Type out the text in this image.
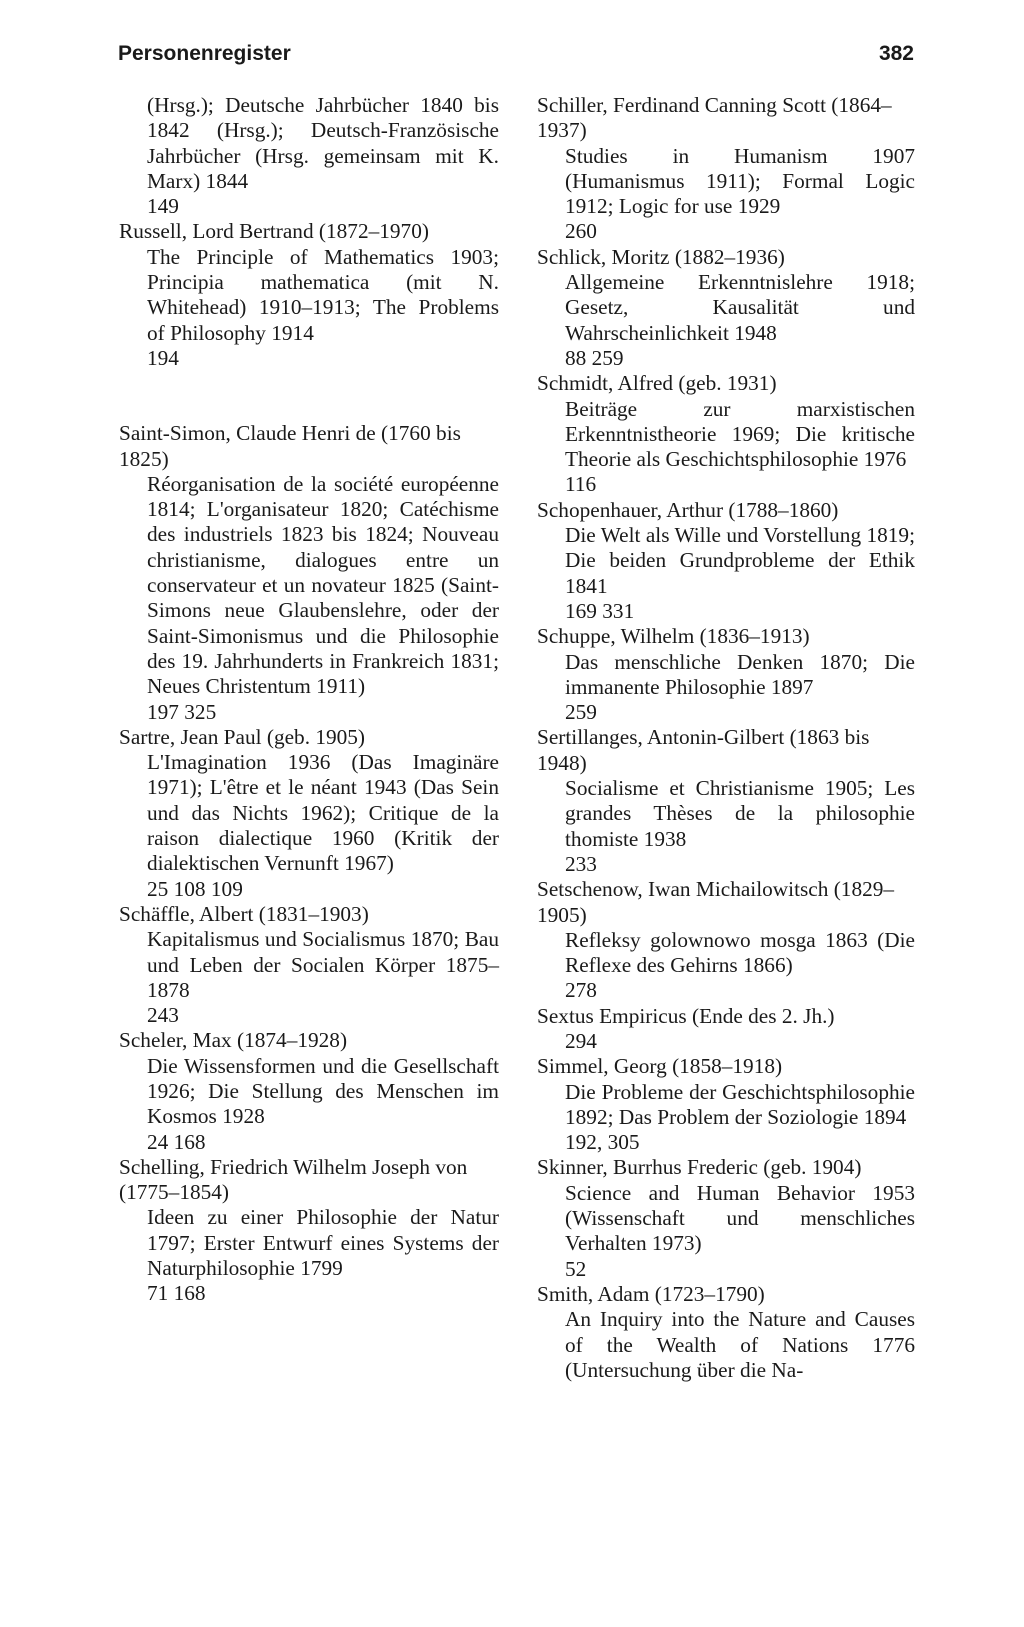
Personenregister	382
(Hrsg.); Deutsche Jahrbücher 1840 bis 1842 (Hrsg.); Deutsch-Französische Jahrbücher (Hrsg. gemeinsam mit K. Marx) 1844
149
Russell, Lord Bertrand (1872–1970)
The Principle of Mathematics 1903; Principia mathematica (mit N. Whitehead) 1910–1913; The Problems of Philosophy 1914
194
Saint-Simon, Claude Henri de (1760 bis 1825)
Réorganisation de la société européenne 1814; L'organisateur 1820; Catéchisme des industriels 1823 bis 1824; Nouveau christianisme, dialogues entre un conservateur et un novateur 1825 (Saint-Simons neue Glaubenslehre, oder der Saint-Simonismus und die Philosophie des 19. Jahrhunderts in Frankreich 1831; Neues Christentum 1911)
197 325
Sartre, Jean Paul (geb. 1905)
L'Imagination 1936 (Das Imaginäre 1971); L'être et le néant 1943 (Das Sein und das Nichts 1962); Critique de la raison dialectique 1960 (Kritik der dialektischen Vernunft 1967)
25 108 109
Schäffle, Albert (1831–1903)
Kapitalismus und Socialismus 1870; Bau und Leben der Socialen Körper 1875–1878
243
Scheler, Max (1874–1928)
Die Wissensformen und die Gesellschaft 1926; Die Stellung des Menschen im Kosmos 1928
24 168
Schelling, Friedrich Wilhelm Joseph von (1775–1854)
Ideen zu einer Philosophie der Natur 1797; Erster Entwurf eines Systems der Naturphilosophie 1799
71 168
Schiller, Ferdinand Canning Scott (1864–1937)
Studies in Humanism 1907 (Humanismus 1911); Formal Logic 1912; Logic for use 1929
260
Schlick, Moritz (1882–1936)
Allgemeine Erkenntnislehre 1918; Gesetz, Kausalität und Wahrscheinlichkeit 1948
88 259
Schmidt, Alfred (geb. 1931)
Beiträge zur marxistischen Erkenntnistheorie 1969; Die kritische Theorie als Geschichtsphilosophie 1976
116
Schopenhauer, Arthur (1788–1860)
Die Welt als Wille und Vorstellung 1819; Die beiden Grundprobleme der Ethik 1841
169 331
Schuppe, Wilhelm (1836–1913)
Das menschliche Denken 1870; Die immanente Philosophie 1897
259
Sertillanges, Antonin-Gilbert (1863 bis 1948)
Socialisme et Christianisme 1905; Les grandes Thèses de la philosophie thomiste 1938
233
Setschenow, Iwan Michailowitsch (1829–1905)
Refleksy golownowo mosga 1863 (Die Reflexe des Gehirns 1866)
278
Sextus Empiricus (Ende des 2. Jh.)
294
Simmel, Georg (1858–1918)
Die Probleme der Geschichtsphilosophie 1892; Das Problem der Soziologie 1894
192, 305
Skinner, Burrhus Frederic (geb. 1904)
Science and Human Behavior 1953 (Wissenschaft und menschliches Verhalten 1973)
52
Smith, Adam (1723–1790)
An Inquiry into the Nature and Causes of the Wealth of Nations 1776 (Untersuchung über die Na-
